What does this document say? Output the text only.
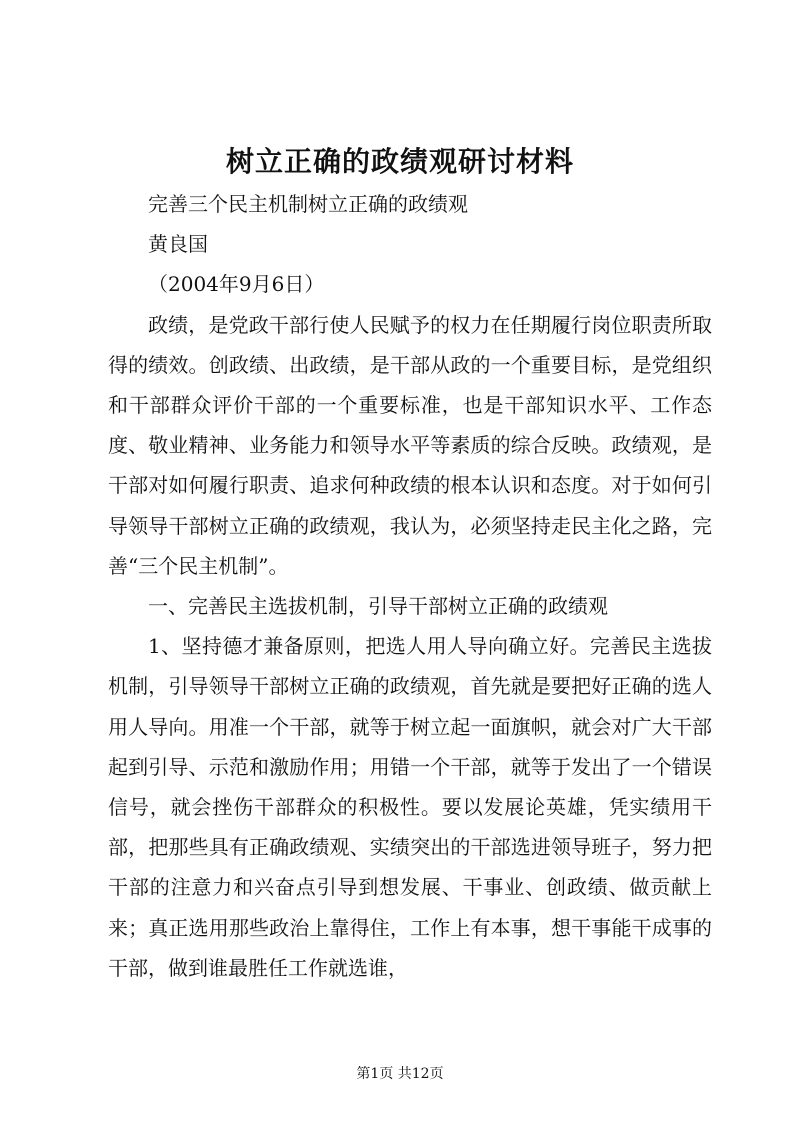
树立正确的政绩观研讨材料
完善三个民主机制树立正确的政绩观
黄良国
（2004年9月6日）

政绩，是党政干部行使人民赋予的权力在任期履行岗位职责所取得的绩效。创政绩、出政绩，是干部从政的一个重要目标，是党组织和干部群众评价干部的一个重要标准，也是干部知识水平、工作态度、敬业精神、业务能力和领导水平等素质的综合反映。政绩观，是干部对如何履行职责、追求何种政绩的根本认识和态度。对于如何引导领导干部树立正确的政绩观，我认为，必须坚持走民主化之路，完善“三个民主机制”。

一、完善民主选拔机制，引导干部树立正确的政绩观

1、坚持德才兼备原则，把选人用人导向确立好。完善民主选拔机制，引导领导干部树立正确的政绩观，首先就是要把好正确的选人用人导向。用准一个干部，就等于树立起一面旗帜，就会对广大干部起到引导、示范和激励作用；用错一个干部，就等于发出了一个错误信号，就会挫伤干部群众的积极性。要以发展论英雄，凭实绩用干部，把那些具有正确政绩观、实绩突出的干部选进领导班子，努力把干部的注意力和兴奋点引导到想发展、干事业、创政绩、做贡献上来；真正选用那些政治上靠得住，工作上有本事，想干事能干成事的干部，做到谁最胜任工作就选谁，

第1页 共12页
